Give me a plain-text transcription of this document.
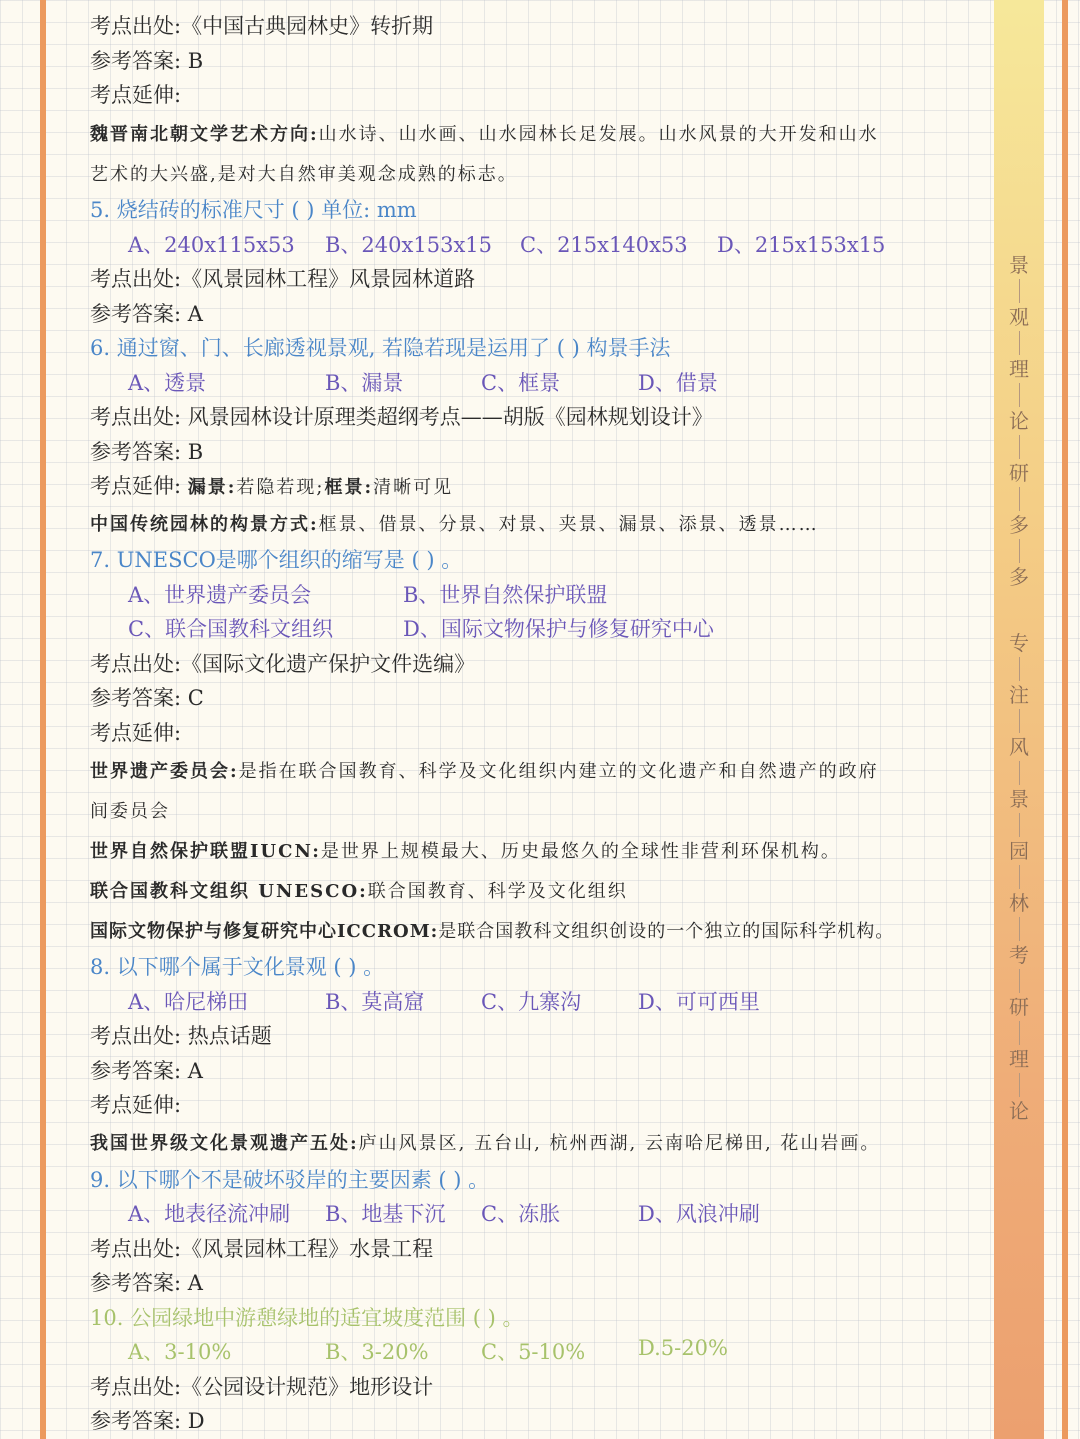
景
观
理
论
研
多
多
专
注
风
景
园
林
考
研
理
论
考点出处:《中国古典园林史》转折期
参考答案: B
考点延伸:
魏晋南北朝文学艺术方向:山水诗、山水画、山水园林长足发展。山水风景的大开发和山水
艺术的大兴盛,是对大自然审美观念成熟的标志。
5. 烧结砖的标准尺寸 ( ) 单位: mm
A、240x115x53 B、240x153x15 C、215x140x53 D、215x153x15
考点出处:《风景园林工程》风景园林道路
参考答案: A
6. 通过窗、门、长廊透视景观, 若隐若现是运用了 ( ) 构景手法
A、透景	B、漏景	C、框景	D、借景
考点出处: 风景园林设计原理类超纲考点——胡版《园林规划设计》
参考答案: B
考点延伸: 漏景:若隐若现;框景:清晰可见
中国传统园林的构景方式:框景、借景、分景、对景、夹景、漏景、添景、透景……
7. UNESCO是哪个组织的缩写是 ( ) 。
A、世界遗产委员会	B、世界自然保护联盟
C、联合国教科文组织	D、国际文物保护与修复研究中心
考点出处:《国际文化遗产保护文件选编》
参考答案: C
考点延伸:
世界遗产委员会:是指在联合国教育、科学及文化组织内建立的文化遗产和自然遗产的政府
间委员会
世界自然保护联盟IUCN:是世界上规模最大、历史最悠久的全球性非营利环保机构。
联合国教科文组织 UNESCO:联合国教育、科学及文化组织
国际文物保护与修复研究中心ICCROM:是联合国教科文组织创设的一个独立的国际科学机构。
8. 以下哪个属于文化景观 ( ) 。
A、哈尼梯田	B、莫高窟	C、九寨沟	D、可可西里
考点出处: 热点话题
参考答案: A
考点延伸:
我国世界级文化景观遗产五处:庐山风景区, 五台山, 杭州西湖, 云南哈尼梯田, 花山岩画。
9. 以下哪个不是破坏驳岸的主要因素 ( ) 。
A、地表径流冲刷 B、地基下沉 C、冻胀	D、风浪冲刷
考点出处:《风景园林工程》水景工程
参考答案: A
10. 公园绿地中游憩绿地的适宜坡度范围 ( ) 。
A、3-10%	B、3-20% C、5-10%	D.5-20%
考点出处:《公园设计规范》地形设计
参考答案: D
